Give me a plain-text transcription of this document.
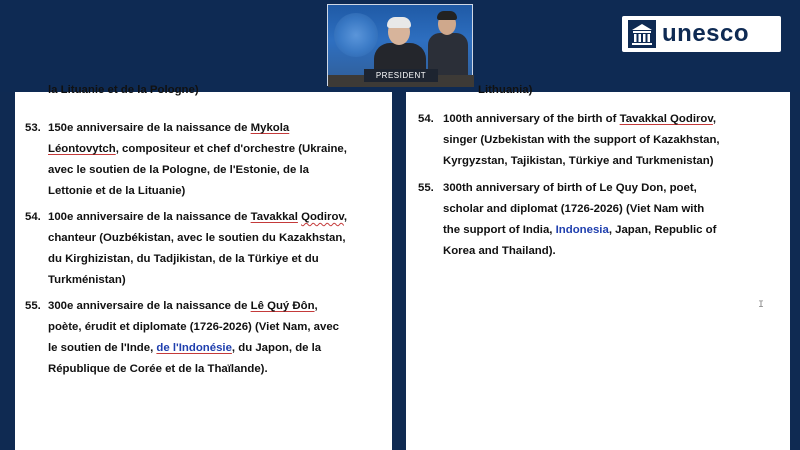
PRESIDENT
unesco
la Lituanie et de la Pologne)
53. 150e anniversaire de la naissance de Mykola
Léontovytch, compositeur et chef d'orchestre (Ukraine,
avec le soutien de la Pologne, de l'Estonie, de la
Lettonie et de la Lituanie)
54. 100e anniversaire de la naissance de Tavakkal Qodirov,
chanteur (Ouzbékistan, avec le soutien du Kazakhstan,
du Kirghizistan, du Tadjikistan, de la Türkiye et du
Turkménistan)
55. 300e anniversaire de la naissance de Lê Quý Đôn,
poète, érudit et diplomate (1726-2026) (Viet Nam, avec
le soutien de l'Inde, de l'Indonésie, du Japon, de la
République de Corée et de la Thaïlande).
Lithuania)
54. 100th anniversary of the birth of Tavakkal Qodirov,
singer (Uzbekistan with the support of Kazakhstan,
Kyrgyzstan, Tajikistan, Türkiye and Turkmenistan)
55. 300th anniversary of birth of Le Quy Don, poet,
scholar and diplomat (1726-2026) (Viet Nam with
the support of India, Indonesia, Japan, Republic of
Korea and Thailand).
I
